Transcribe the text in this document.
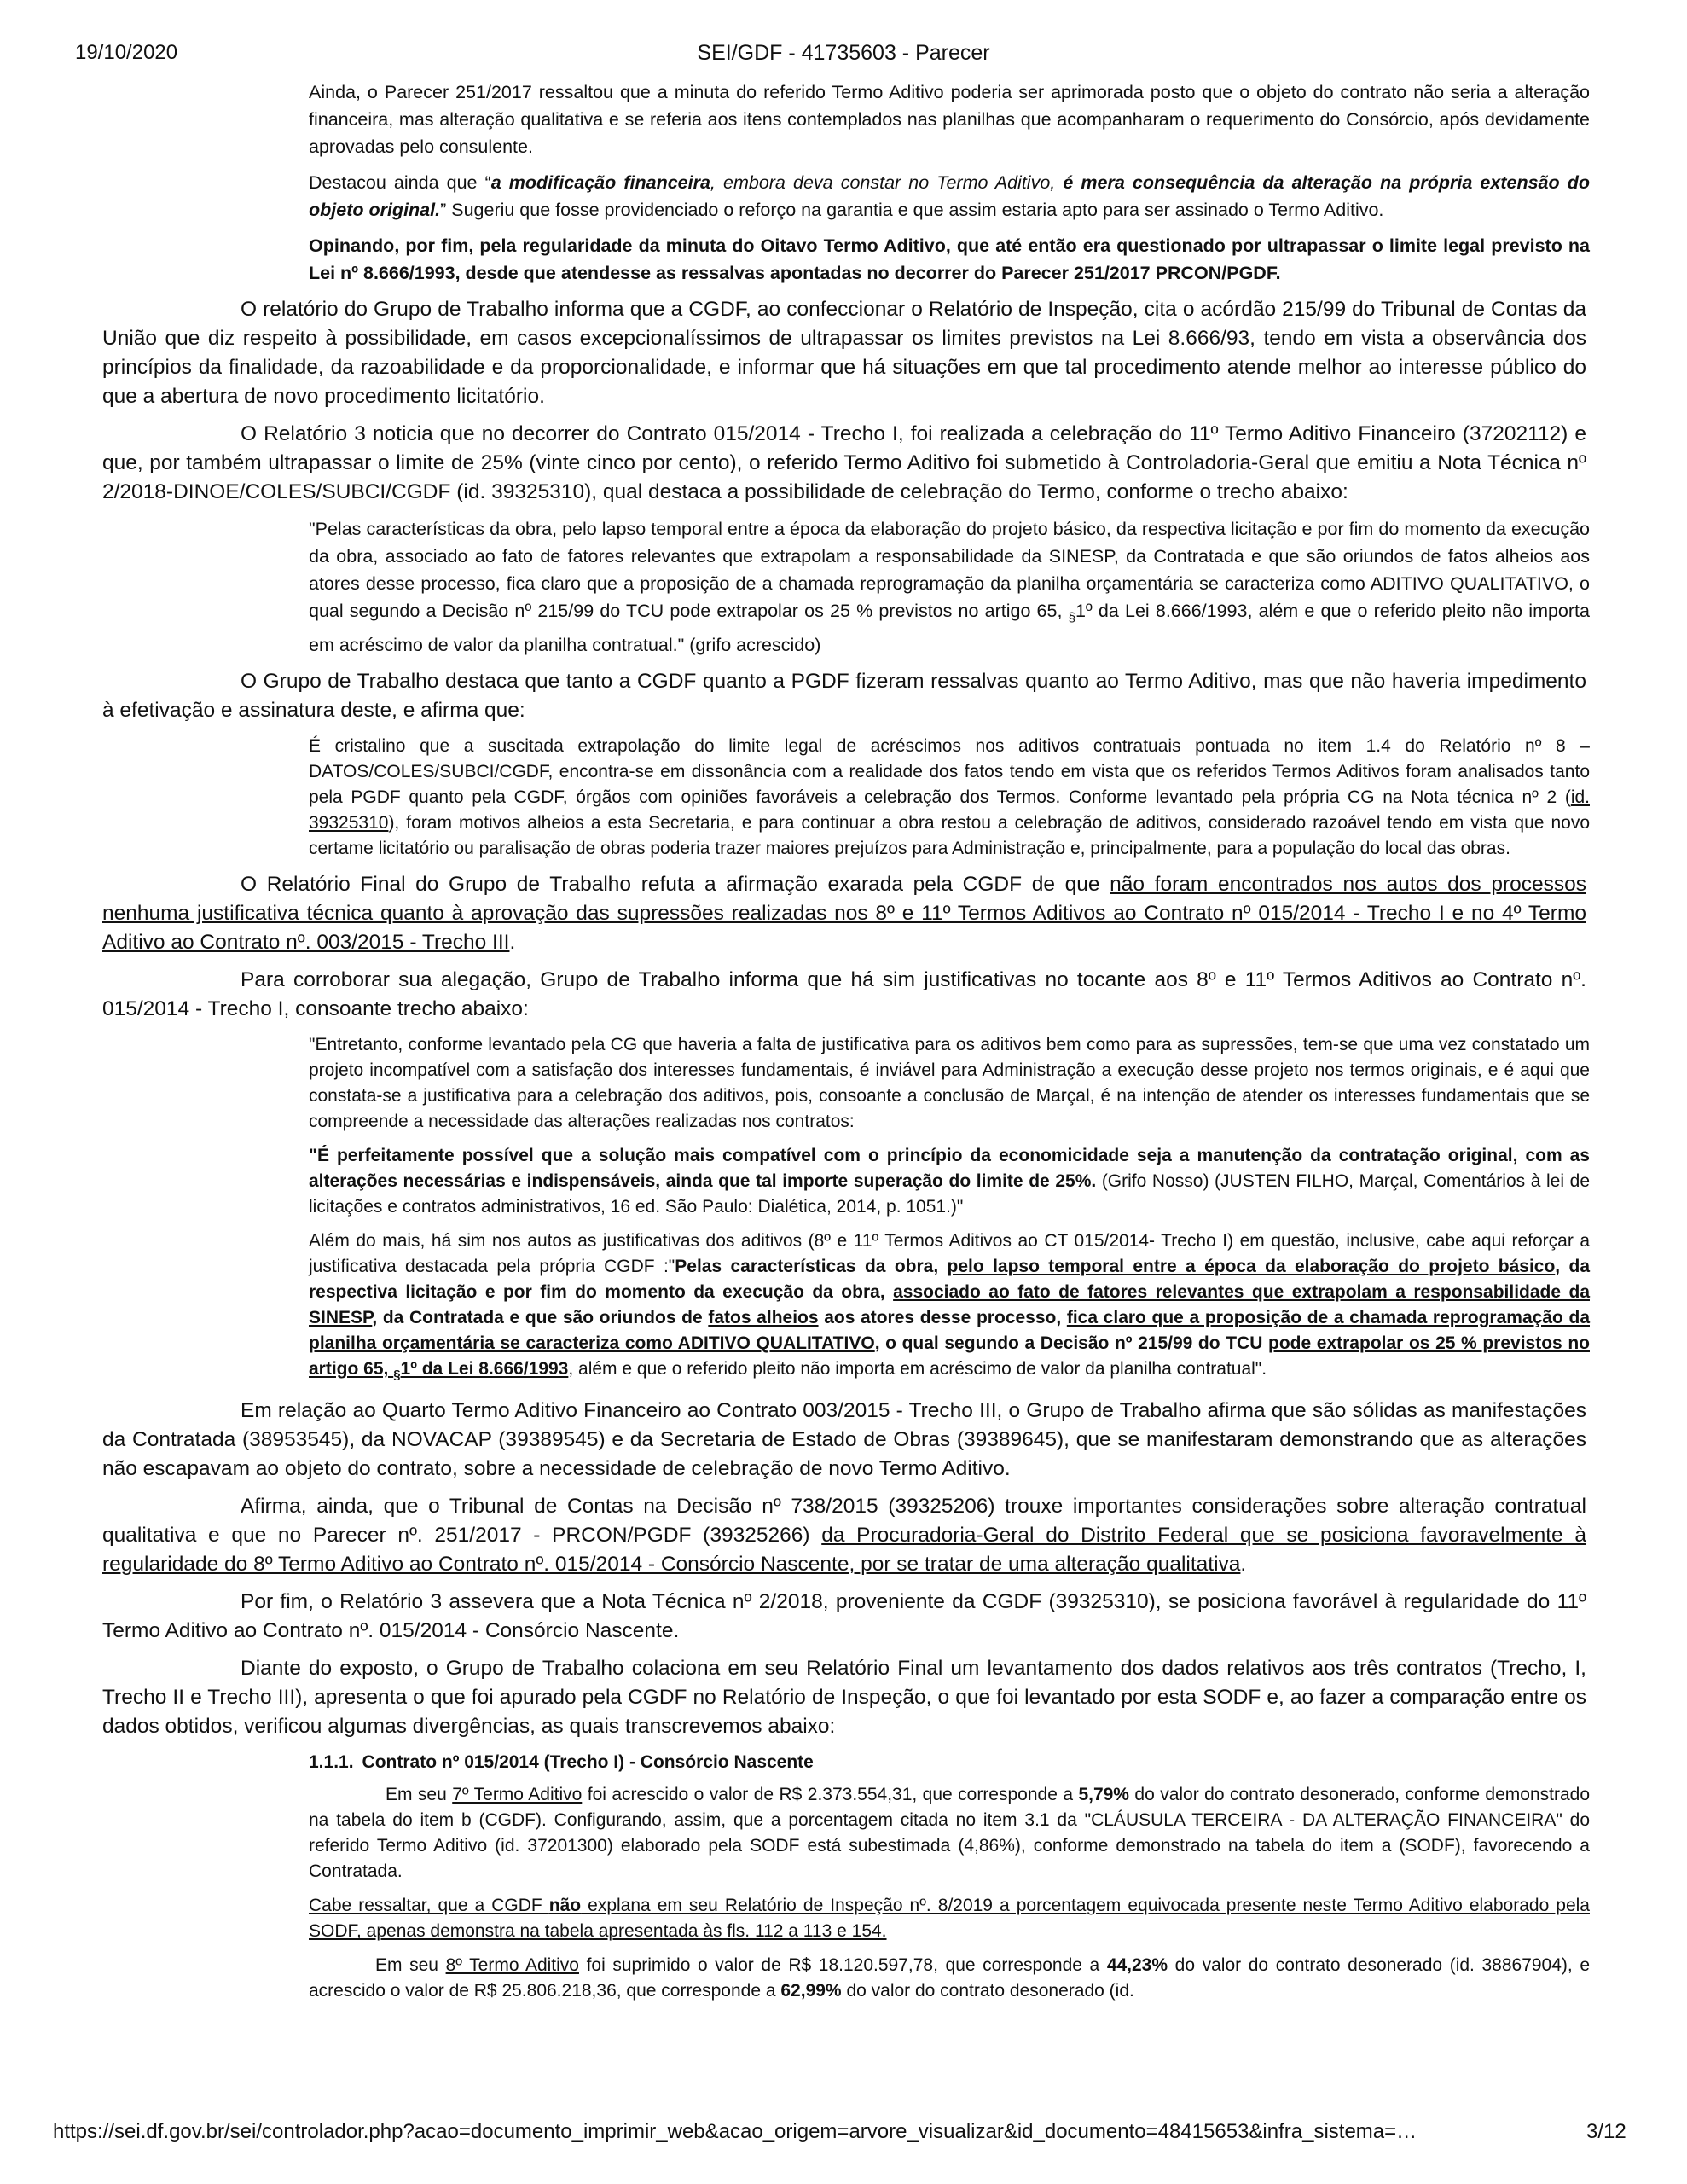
19/10/2020	SEI/GDF - 41735603 - Parecer

Ainda, o Parecer 251/2017 ressaltou que a minuta do referido Termo Aditivo poderia ser aprimorada posto que o objeto do contrato não seria a alteração financeira, mas alteração qualitativa e se referia aos itens contemplados nas planilhas que acompanharam o requerimento do Consórcio, após devidamente aprovadas pelo consulente.

Destacou ainda que “a modificação financeira, embora deva constar no Termo Aditivo, é mera consequência da alteração na própria extensão do objeto original.” Sugeriu que fosse providenciado o reforço na garantia e que assim estaria apto para ser assinado o Termo Aditivo.

Opinando, por fim, pela regularidade da minuta do Oitavo Termo Aditivo, que até então era questionado por ultrapassar o limite legal previsto na Lei nº 8.666/1993, desde que atendesse as ressalvas apontadas no decorrer do Parecer 251/2017 PRCON/PGDF.

O relatório do Grupo de Trabalho informa que a CGDF, ao confeccionar o Relatório de Inspeção, cita o acórdão 215/99 do Tribunal de Contas da União que diz respeito à possibilidade, em casos excepcionalíssimos de ultrapassar os limites previstos na Lei 8.666/93, tendo em vista a observância dos princípios da finalidade, da razoabilidade e da proporcionalidade, e informar que há situações em que tal procedimento atende melhor ao interesse público do que a abertura de novo procedimento licitatório.

O Relatório 3 noticia que no decorrer do Contrato 015/2014 - Trecho I, foi realizada a celebração do 11º Termo Aditivo Financeiro (37202112) e que, por também ultrapassar o limite de 25% (vinte cinco por cento), o referido Termo Aditivo foi submetido à Controladoria-Geral que emitiu a Nota Técnica nº 2/2018-DINOE/COLES/SUBCI/CGDF (id. 39325310), qual destaca a possibilidade de celebração do Termo, conforme o trecho abaixo:

"Pelas características da obra, pelo lapso temporal entre a época da elaboração do projeto básico, da respectiva licitação e por fim do momento da execução da obra, associado ao fato de fatores relevantes que extrapolam a responsabilidade da SINESP, da Contratada e que são oriundos de fatos alheios aos atores desse processo, fica claro que a proposição de a chamada reprogramação da planilha orçamentária se caracteriza como ADITIVO QUALITATIVO, o qual segundo a Decisão nº 215/99 do TCU pode extrapolar os 25 % previstos no artigo 65, $_\S$1º da Lei 8.666/1993, além e que o referido pleito não importa em acréscimo de valor da planilha contratual." (grifo acrescido)

O Grupo de Trabalho destaca que tanto a CGDF quanto a PGDF fizeram ressalvas quanto ao Termo Aditivo, mas que não haveria impedimento à efetivação e assinatura deste, e afirma que:

É cristalino que a suscitada extrapolação do limite legal de acréscimos nos aditivos contratuais pontuada no item 1.4 do Relatório nº 8 – DATOS/COLES/SUBCI/CGDF, encontra-se em dissonância com a realidade dos fatos tendo em vista que os referidos Termos Aditivos foram analisados tanto pela PGDF quanto pela CGDF, órgãos com opiniões favoráveis a celebração dos Termos. Conforme levantado pela própria CG na Nota técnica nº 2 (id. 39325310), foram motivos alheios a esta Secretaria, e para continuar a obra restou a celebração de aditivos, considerado razoável tendo em vista que novo certame licitatório ou paralisação de obras poderia trazer maiores prejuízos para Administração e, principalmente, para a população do local das obras.

O Relatório Final do Grupo de Trabalho refuta a afirmação exarada pela CGDF de que não foram encontrados nos autos dos processos nenhuma justificativa técnica quanto à aprovação das supressões realizadas nos 8º e 11º Termos Aditivos ao Contrato nº 015/2014 - Trecho I e no 4º Termo Aditivo ao Contrato nº. 003/2015 - Trecho III.

Para corroborar sua alegação, Grupo de Trabalho informa que há sim justificativas no tocante aos 8º e 11º Termos Aditivos ao Contrato nº. 015/2014 - Trecho I, consoante trecho abaixo:

"Entretanto, conforme levantado pela CG que haveria a falta de justificativa para os aditivos bem como para as supressões, tem-se que uma vez constatado um projeto incompatível com a satisfação dos interesses fundamentais, é inviável para Administração a execução desse projeto nos termos originais, e é aqui que constata-se a justificativa para a celebração dos aditivos, pois, consoante a conclusão de Marçal, é na intenção de atender os interesses fundamentais que se compreende a necessidade das alterações realizadas nos contratos:

"É perfeitamente possível que a solução mais compatível com o princípio da economicidade seja a manutenção da contratação original, com as alterações necessárias e indispensáveis, ainda que tal importe superação do limite de 25%. (Grifo Nosso) (JUSTEN FILHO, Marçal, Comentários à lei de licitações e contratos administrativos, 16 ed. São Paulo: Dialética, 2014, p. 1051.)"

Além do mais, há sim nos autos as justificativas dos aditivos (8º e 11º Termos Aditivos ao CT 015/2014- Trecho I) em questão, inclusive, cabe aqui reforçar a justificativa destacada pela própria CGDF :"Pelas características da obra, pelo lapso temporal entre a época da elaboração do projeto básico, da respectiva licitação e por fim do momento da execução da obra, associado ao fato de fatores relevantes que extrapolam a responsabilidade da SINESP, da Contratada e que são oriundos de fatos alheios aos atores desse processo, fica claro que a proposição de a chamada reprogramação da planilha orçamentária se caracteriza como ADITIVO QUALITATIVO, o qual segundo a Decisão nº 215/99 do TCU pode extrapolar os 25 % previstos no artigo 65, $_\S$1º da Lei 8.666/1993, além e que o referido pleito não importa em acréscimo de valor da planilha contratual".

Em relação ao Quarto Termo Aditivo Financeiro ao Contrato 003/2015 - Trecho III, o Grupo de Trabalho afirma que são sólidas as manifestações da Contratada (38953545), da NOVACAP (39389545) e da Secretaria de Estado de Obras (39389645), que se manifestaram demonstrando que as alterações não escapavam ao objeto do contrato, sobre a necessidade de celebração de novo Termo Aditivo.

Afirma, ainda, que o Tribunal de Contas na Decisão nº 738/2015 (39325206) trouxe importantes considerações sobre alteração contratual qualitativa e que no Parecer nº. 251/2017 - PRCON/PGDF (39325266) da Procuradoria-Geral do Distrito Federal que se posiciona favoravelmente à regularidade do 8º Termo Aditivo ao Contrato nº. 015/2014 - Consórcio Nascente, por se tratar de uma alteração qualitativa.

Por fim, o Relatório 3 assevera que a Nota Técnica nº 2/2018, proveniente da CGDF (39325310), se posiciona favorável à regularidade do 11º Termo Aditivo ao Contrato nº. 015/2014 - Consórcio Nascente.

Diante do exposto, o Grupo de Trabalho colaciona em seu Relatório Final um levantamento dos dados relativos aos três contratos (Trecho, I, Trecho II e Trecho III), apresenta o que foi apurado pela CGDF no Relatório de Inspeção, o que foi levantado por esta SODF e, ao fazer a comparação entre os dados obtidos, verificou algumas divergências, as quais transcrevemos abaixo:

1.1.1. Contrato nº 015/2014 (Trecho I) - Consórcio Nascente

Em seu 7º Termo Aditivo foi acrescido o valor de R$ 2.373.554,31, que corresponde a 5,79% do valor do contrato desonerado, conforme demonstrado na tabela do item b (CGDF). Configurando, assim, que a porcentagem citada no item 3.1 da "CLÁUSULA TERCEIRA - DA ALTERAÇÃO FINANCEIRA" do referido Termo Aditivo (id. 37201300) elaborado pela SODF está subestimada (4,86%), conforme demonstrado na tabela do item a (SODF), favorecendo a Contratada.

Cabe ressaltar, que a CGDF não explana em seu Relatório de Inspeção nº. 8/2019 a porcentagem equivocada presente neste Termo Aditivo elaborado pela SODF, apenas demonstra na tabela apresentada às fls. 112 a 113 e 154.

Em seu 8º Termo Aditivo foi suprimido o valor de R$ 18.120.597,78, que corresponde a 44,23% do valor do contrato desonerado (id. 38867904), e acrescido o valor de R$ 25.806.218,36, que corresponde a 62,99% do valor do contrato desonerado (id.

https://sei.df.gov.br/sei/controlador.php?acao=documento_imprimir_web&acao_origem=arvore_visualizar&id_documento=48415653&infra_sistema=…	3/12
